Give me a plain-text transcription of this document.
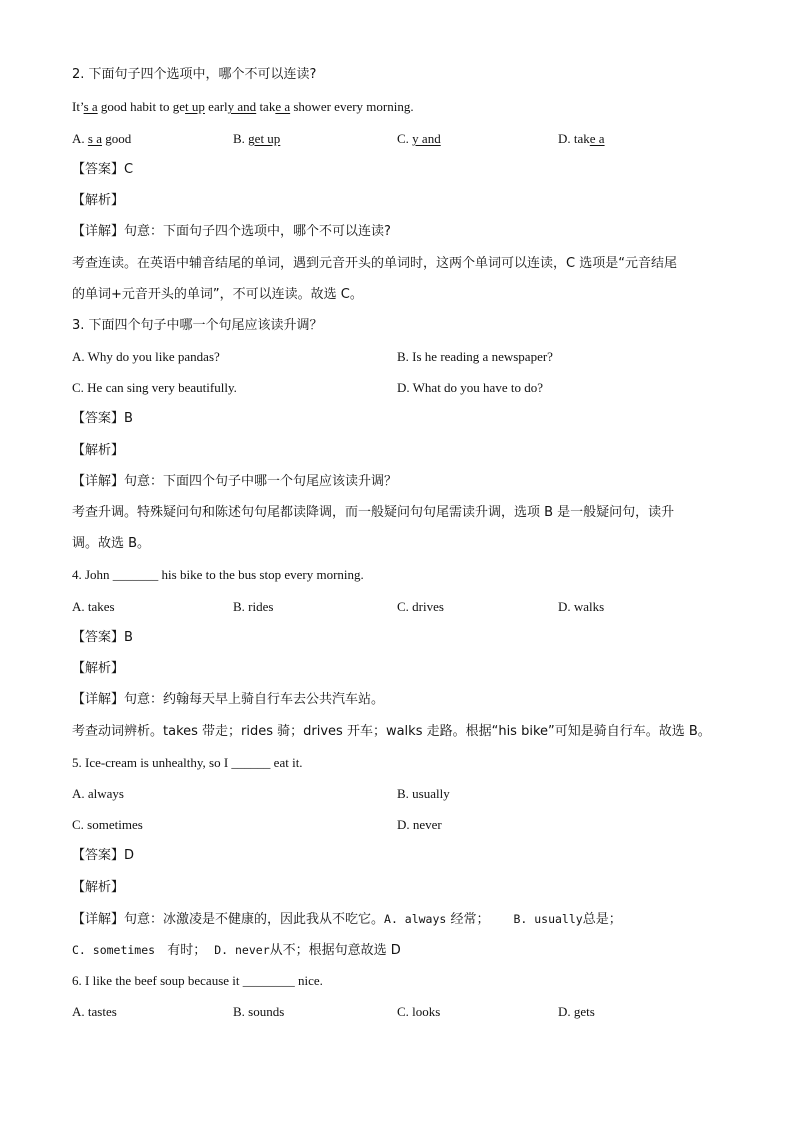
2. 下面句子四个选项中，哪个不可以连读?
It’s a good habit to get up early and take a shower every morning.
A. s a good	B. get up	C. y and	D. take a
【答案】C
【解析】
【详解】句意：下面句子四个选项中，哪个不可以连读?
考查连读。在英语中辅音结尾的单词，遇到元音开头的单词时，这两个单词可以连读，C 选项是“元音结尾
的单词+元音开头的单词”，不可以连读。故选 C。
3. 下面四个句子中哪一个句尾应该读升调？
A. Why do you like pandas?	B. Is he reading a newspaper?
C. He can sing very beautifully.	D. What do you have to do?
【答案】B
【解析】
【详解】句意：下面四个句子中哪一个句尾应该读升调？
考查升调。特殊疑问句和陈述句句尾都读降调，而一般疑问句句尾需读升调，选项 B 是一般疑问句，读升
调。故选 B。
4. John _______ his bike to the bus stop every morning.
A. takes	B. rides	C. drives	D. walks
【答案】B
【解析】
【详解】句意：约翰每天早上骑自行车去公共汽车站。
考查动词辨析。takes 带走；rides 骑；drives 开车；walks 走路。根据“his bike”可知是骑自行车。故选 B。
5. Ice-cream is unhealthy, so I ______ eat it.
A. always	B. usually
C. sometimes	D. never
【答案】D
【解析】
【详解】句意：冰激凌是不健康的，因此我从不吃它。A. always 经常； B. usually总是；
C. sometimes 有时； D. never从不；根据句意故选 D
6. I like the beef soup because it ________ nice.
A. tastes	B. sounds	C. looks	D. gets
